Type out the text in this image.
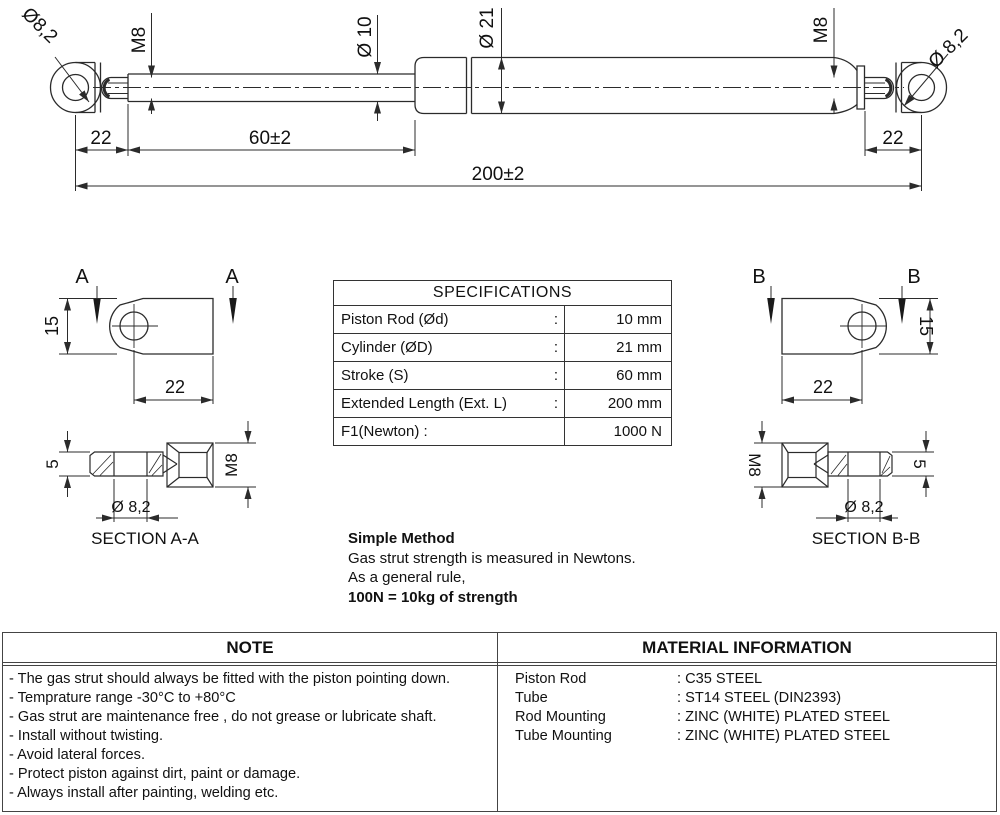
Ø8,2	M8	Ø 10	Ø 21	M8	Ø 8,2
22	60±2	22
200±2
A	A
15
22
5	M8
Ø 8,2
SECTION A-A
B	B
15
22
M8	5
Ø 8,2
SECTION B-B
SPECIFICATIONS
Piston Rod (Ød)	:	10 mm
Cylinder (ØD)	:	21 mm
Stroke (S)	:	60 mm
Extended Length (Ext. L)	:	200 mm
F1(Newton) :	1000 N
Simple Method
Gas strut strength is measured in Newtons.
As a general rule,
100N = 10kg of strength
NOTE
- The gas strut should always be fitted with the piston pointing down.
- Temprature range -30°C to +80°C
- Gas strut are maintenance free , do not grease or lubricate shaft.
- Install without twisting.
- Avoid lateral forces.
- Protect piston against dirt, paint or damage.
- Always install after painting, welding etc.
MATERIAL INFORMATION
Piston Rod	: C35 STEEL
Tube	: ST14 STEEL (DIN2393)
Rod Mounting	: ZINC (WHITE) PLATED STEEL
Tube Mounting	: ZINC (WHITE) PLATED STEEL
